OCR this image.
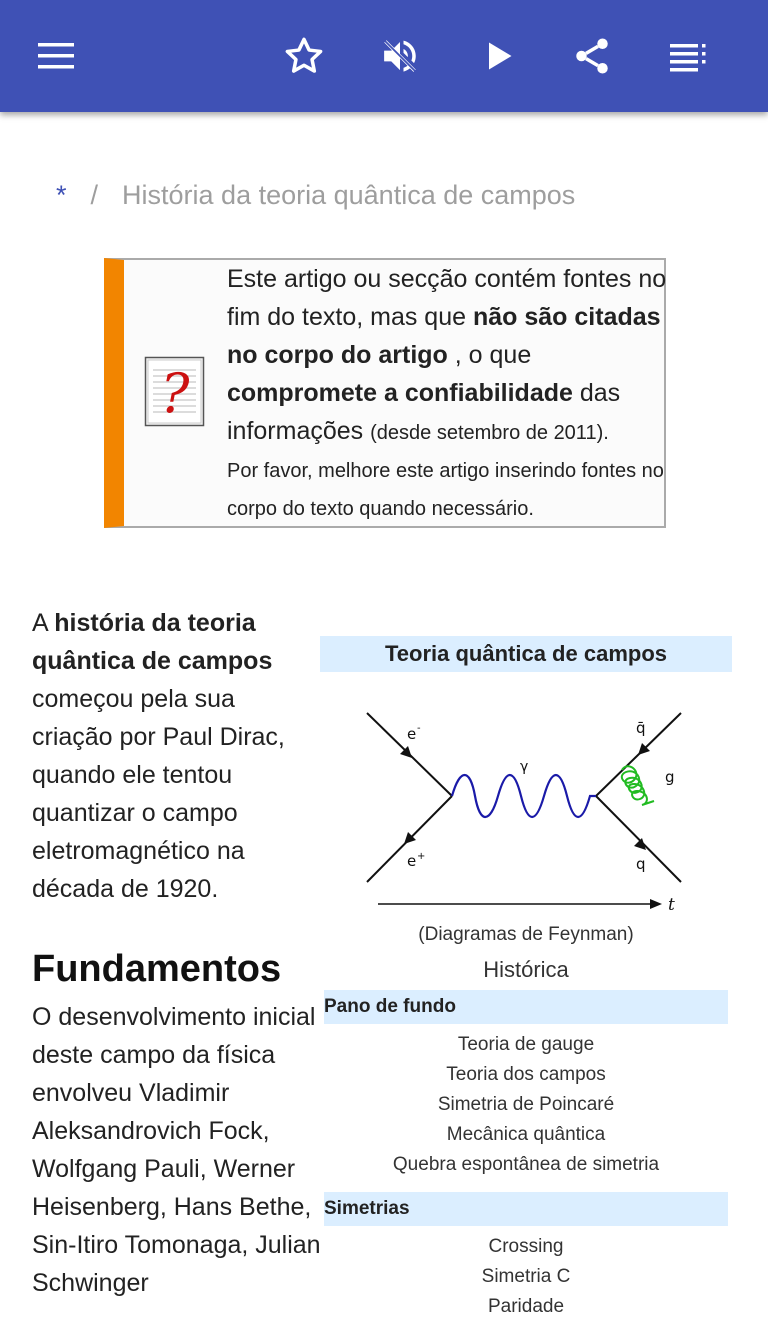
* / História da teoria quântica de campos
?
Este artigo ou secção contém fontes no fim do texto, mas que não são citadas no corpo do artigo , o que compromete a confiabilidade das informações (desde setembro de 2011).
Por favor, melhore este artigo inserindo fontes no corpo do texto quando necessário.
A história da teoria quântica de campos começou pela sua criação por Paul Dirac, quando ele tentou quantizar o campo eletromagnético na década de 1920.
Fundamentos
O desenvolvimento inicial deste campo da física envolveu Vladimir Aleksandrovich Fock, Wolfgang Pauli, Werner Heisenberg, Hans Bethe, Sin-Itiro Tomonaga, Julian Schwinger
Teoria quântica de campos
e -
e +
γ
q̄
g
q
t
(Diagramas de Feynman)
Histórica
Pano de fundo
Teoria de gauge
Teoria dos campos
Simetria de Poincaré
Mecânica quântica
Quebra espontânea de simetria
Simetrias
Crossing
Simetria C
Paridade
